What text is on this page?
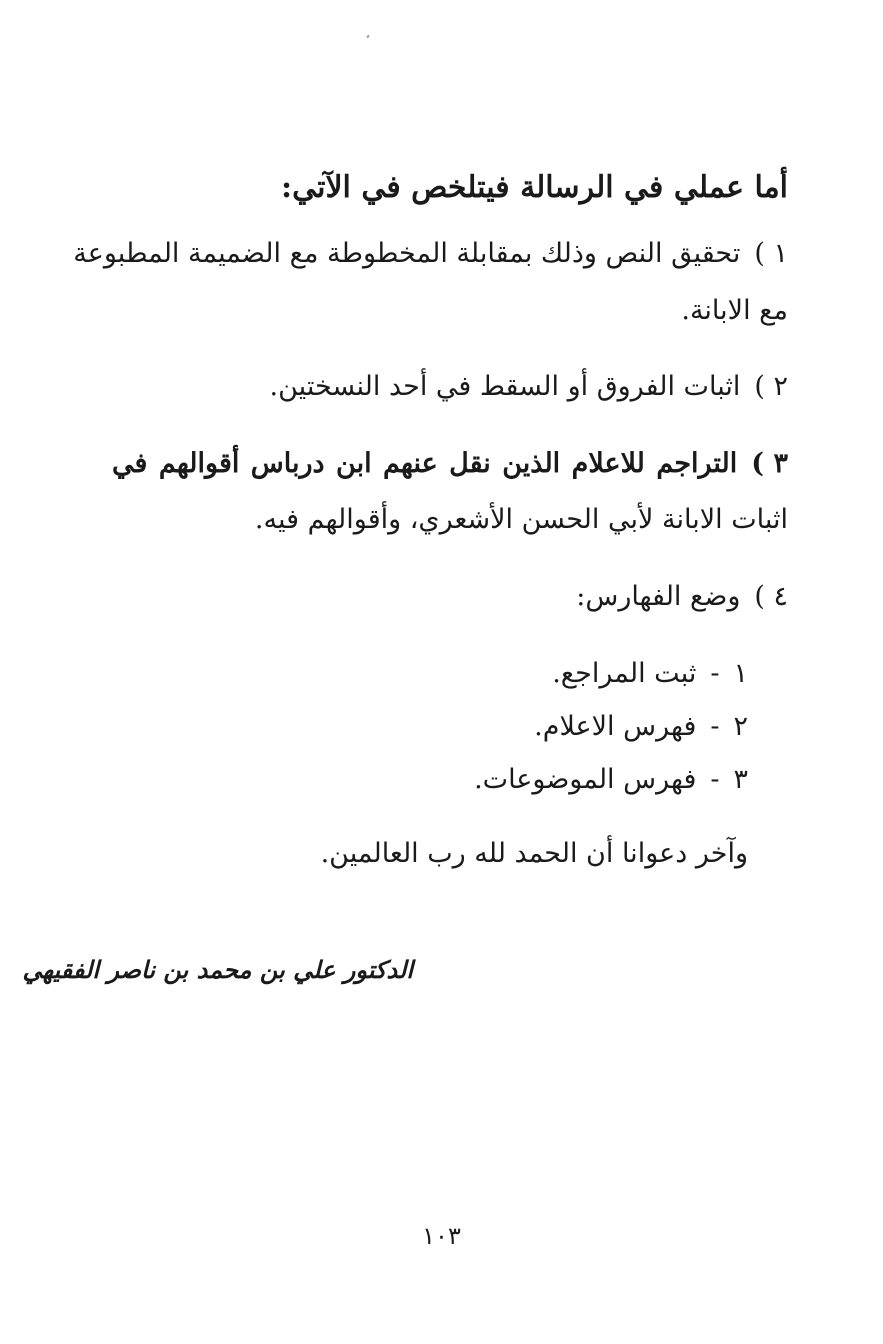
أما عملي في الرسالة فيتلخص في الآتي:
١ )تحقيق النص وذلك بمقابلة المخطوطة مع الضميمة المطبوعة
مع الابانة.
٢ )اثبات الفروق أو السقط في أحد النسختين.
٣ )التراجم للاعلام الذين نقل عنهم ابن درباس أقوالهم في
اثبات الابانة لأبي الحسن الأشعري، وأقوالهم فيه.
٤ )وضع الفهارس:
١-ثبت المراجع.
٢-فهرس الاعلام.
٣-فهرس الموضوعات.
وآخر دعوانا أن الحمد لله رب العالمين.
الدكتور علي بن محمد بن ناصر الفقيهي
١٠٣
